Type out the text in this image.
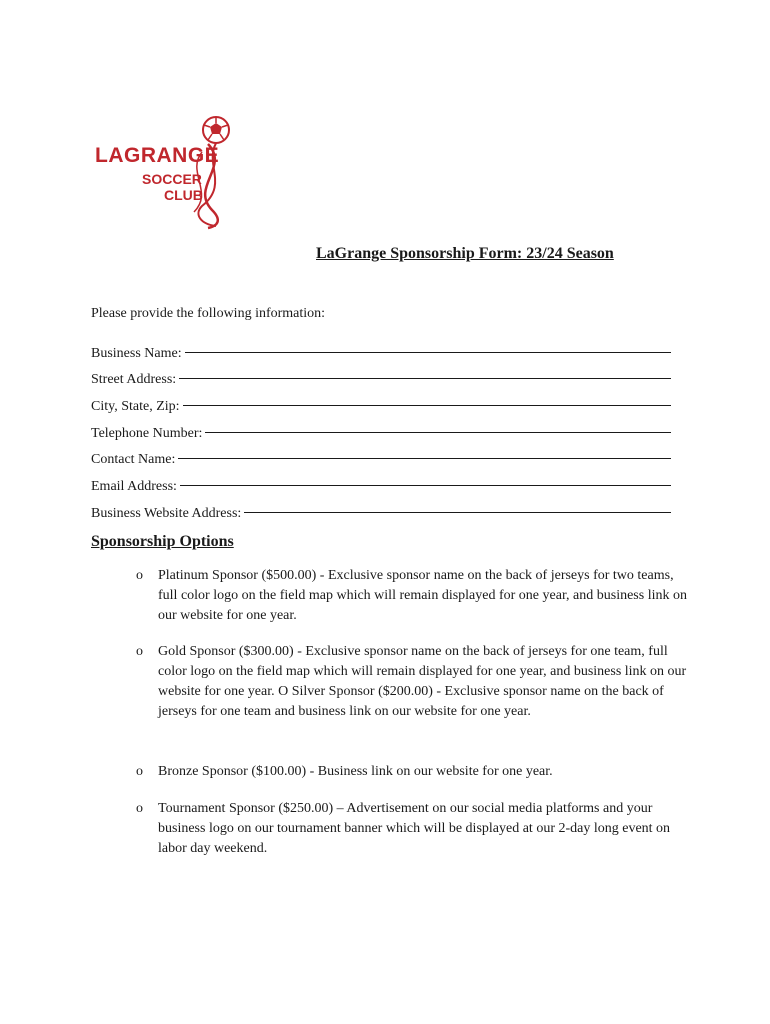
LAGRANGE
SOCCER
CLUB
LaGrange Sponsorship Form: 23/24 Season
Please provide the following information:
Business Name:
Street Address:
City, State, Zip:
Telephone Number:
Contact Name:
Email Address:
Business Website Address:
Sponsorship Options
o	Platinum Sponsor ($500.00) - Exclusive sponsor name on the back of jerseys for two teams, full color logo on the field map which will remain displayed for one year, and business link on our website for one year.
o	Gold Sponsor ($300.00) - Exclusive sponsor name on the back of jerseys for one team, full color logo on the field map which will remain displayed for one year, and business link on our website for one year. O Silver Sponsor ($200.00) - Exclusive sponsor name on the back of jerseys for one team and business link on our website for one year.
o	Bronze Sponsor ($100.00) - Business link on our website for one year.
o	Tournament Sponsor ($250.00) – Advertisement on our social media platforms and your business logo on our tournament banner which will be displayed at our 2-day long event on labor day weekend.
